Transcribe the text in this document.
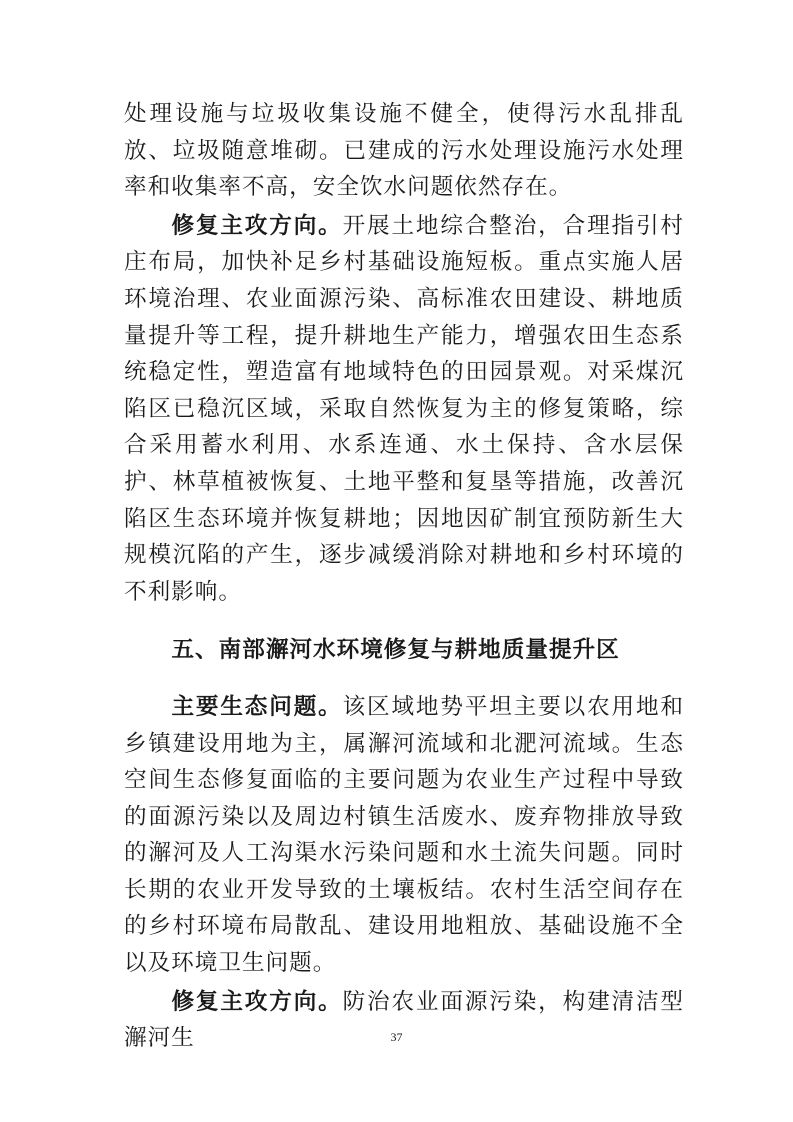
处理设施与垃圾收集设施不健全，使得污水乱排乱放、垃圾随意堆砌。已建成的污水处理设施污水处理率和收集率不高，安全饮水问题依然存在。

修复主攻方向。开展土地综合整治，合理指引村庄布局，加快补足乡村基础设施短板。重点实施人居环境治理、农业面源污染、高标准农田建设、耕地质量提升等工程，提升耕地生产能力，增强农田生态系统稳定性，塑造富有地域特色的田园景观。对采煤沉陷区已稳沉区域，采取自然恢复为主的修复策略，综合采用蓄水利用、水系连通、水土保持、含水层保护、林草植被恢复、土地平整和复垦等措施，改善沉陷区生态环境并恢复耕地；因地因矿制宜预防新生大规模沉陷的产生，逐步减缓消除对耕地和乡村环境的不利影响。

五、南部澥河水环境修复与耕地质量提升区

主要生态问题。该区域地势平坦主要以农用地和乡镇建设用地为主，属澥河流域和北淝河流域。生态空间生态修复面临的主要问题为农业生产过程中导致的面源污染以及周边村镇生活废水、废弃物排放导致的澥河及人工沟渠水污染问题和水土流失问题。同时长期的农业开发导致的土壤板结。农村生活空间存在的乡村环境布局散乱、建设用地粗放、基础设施不全以及环境卫生问题。

修复主攻方向。防治农业面源污染，构建清洁型澥河生	37
